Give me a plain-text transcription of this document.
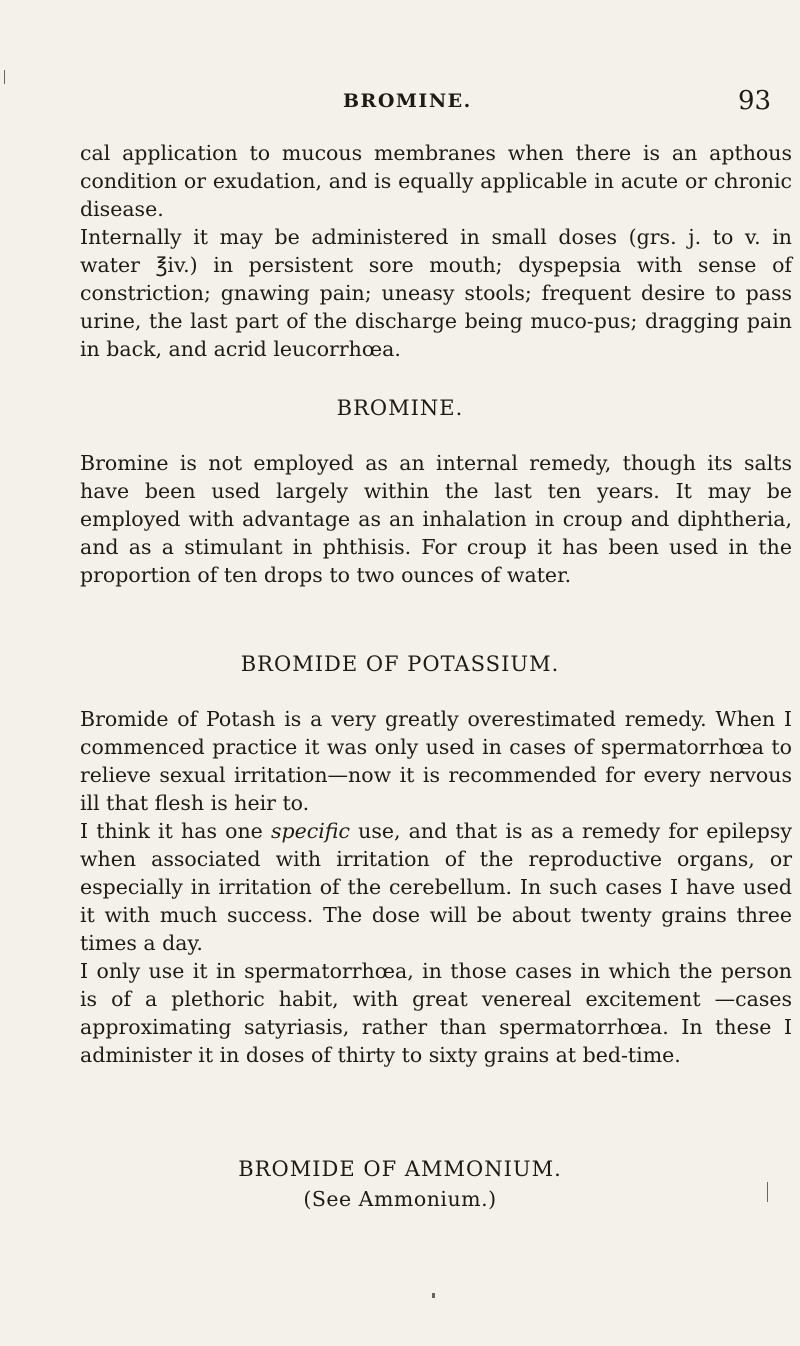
BROMINE.	93

cal application to mucous membranes when there is an apthous condition or exudation, and is equally applicable in acute or chronic disease.

Internally it may be administered in small doses (grs. j. to v. in water ℥iv.) in persistent sore mouth; dyspepsia with sense of constriction; gnawing pain; uneasy stools; frequent desire to pass urine, the last part of the discharge being muco-pus; dragging pain in back, and acrid leucorrhœa.

BROMINE.

Bromine is not employed as an internal remedy, though its salts have been used largely within the last ten years. It may be employed with advantage as an inhalation in croup and diphtheria, and as a stimulant in phthisis. For croup it has been used in the proportion of ten drops to two ounces of water.

BROMIDE OF POTASSIUM.

Bromide of Potash is a very greatly overestimated remedy. When I commenced practice it was only used in cases of spermatorrhœa to relieve sexual irritation—now it is recommended for every nervous ill that flesh is heir to.

I think it has one specific use, and that is as a remedy for epilepsy when associated with irritation of the reproductive organs, or especially in irritation of the cerebellum. In such cases I have used it with much success. The dose will be about twenty grains three times a day.

I only use it in spermatorrhœa, in those cases in which the person is of a plethoric habit, with great venereal excitement —cases approximating satyriasis, rather than spermatorrhœa. In these I administer it in doses of thirty to sixty grains at bed-time.

BROMIDE OF AMMONIUM.
(See Ammonium.)
